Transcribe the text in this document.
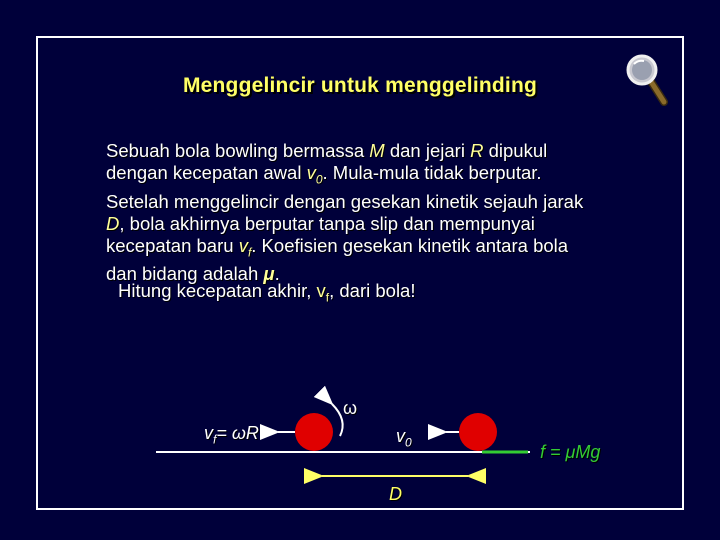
Menggelincir untuk menggelinding
Sebuah bola bowling bermassa M dan jejari R dipukul
dengan kecepatan awal $v_0$. Mula-mula tidak berputar.
Setelah menggelincir dengan gesekan kinetik sejauh jarak
D, bola akhirnya berputar tanpa slip dan mempunyai
kecepatan baru $v_f$. Koefisien gesekan kinetik antara bola
dan bidang adalah μ.
Hitung kecepatan akhir, $v_f$, dari bola!
$v_f= \omega R$
ω
$v_0$	f = μMg
D
